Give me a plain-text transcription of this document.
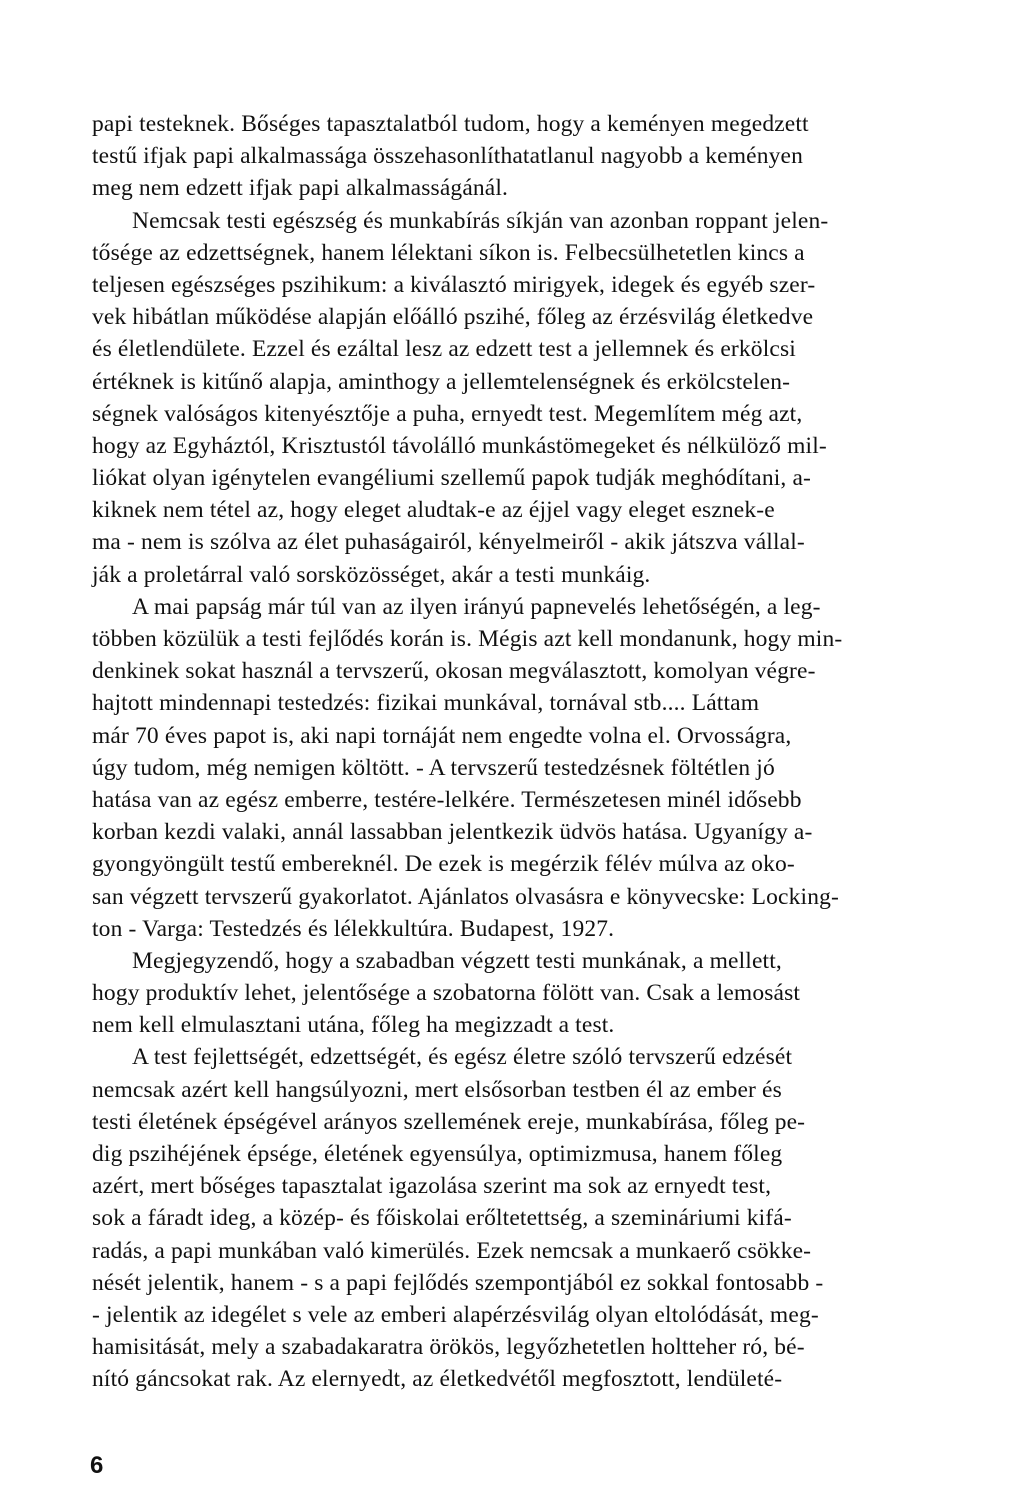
papi testeknek. Bőséges tapasztalatból tudom, hogy a keményen megedzett
testű ifjak papi alkalmassága összehasonlíthatatlanul nagyobb a keményen
meg nem edzett ifjak papi alkalmasságánál.
Nemcsak testi egészség és munkabírás síkján van azonban roppant jelen-
tősége az edzettségnek, hanem lélektani síkon is. Felbecsülhetetlen kincs a
teljesen egészséges pszihikum: a kiválasztó mirigyek, idegek és egyéb szer-
vek hibátlan működése alapján előálló pszihé, főleg az érzésvilág életkedve
és életlendülete. Ezzel és ezáltal lesz az edzett test a jellemnek és erkölcsi
értéknek is kitűnő alapja, aminthogy a jellemtelenségnek és erkölcstelen-
ségnek valóságos kitenyésztője a puha, ernyedt test. Megemlítem még azt,
hogy az Egyháztól, Krisztustól távolálló munkástömegeket és nélkülöző mil-
liókat olyan igénytelen evangéliumi szellemű papok tudják meghódítani, a-
kiknek nem tétel az, hogy eleget aludtak-e az éjjel vagy eleget esznek-e
ma - nem is szólva az élet puhaságairól, kényelmeiről - akik játszva vállal-
ják a proletárral való sorsközösséget, akár a testi munkáig.
A mai papság már túl van az ilyen irányú papnevelés lehetőségén, a leg-
többen közülük a testi fejlődés korán is. Mégis azt kell mondanunk, hogy min-
denkinek sokat használ a tervszerű, okosan megválasztott, komolyan végre-
hajtott mindennapi testedzés: fizikai munkával, tornával stb.... Láttam
már 70 éves papot is, aki napi tornáját nem engedte volna el. Orvosságra,
úgy tudom, még nemigen költött. - A tervszerű testedzésnek föltétlen jó
hatása van az egész emberre, testére-lelkére. Természetesen minél idősebb
korban kezdi valaki, annál lassabban jelentkezik üdvös hatása. Ugyanígy a-
gyongyöngült testű embereknél. De ezek is megérzik félév múlva az oko-
san végzett tervszerű gyakorlatot. Ajánlatos olvasásra e könyvecske: Locking-
ton - Varga: Testedzés és lélekkultúra. Budapest, 1927.
Megjegyzendő, hogy a szabadban végzett testi munkának, a mellett,
hogy produktív lehet, jelentősége a szobatorna fölött van. Csak a lemosást
nem kell elmulasztani utána, főleg ha megizzadt a test.
A test fejlettségét, edzettségét, és egész életre szóló tervszerű edzését
nemcsak azért kell hangsúlyozni, mert elsősorban testben él az ember és
testi életének épségével arányos szellemének ereje, munkabírása, főleg pe-
dig pszihéjének épsége, életének egyensúlya, optimizmusa, hanem főleg
azért, mert bőséges tapasztalat igazolása szerint ma sok az ernyedt test,
sok a fáradt ideg, a közép- és főiskolai erőltetettség, a szemináriumi kifá-
radás, a papi munkában való kimerülés. Ezek nemcsak a munkaerő csökke-
nését jelentik, hanem - s a papi fejlődés szempontjából ez sokkal fontosabb -
- jelentik az idegélet s vele az emberi alapérzésvilág olyan eltolódását, meg-
hamisitását, mely a szabadakaratra örökös, legyőzhetetlen holtteher ró, bé-
nító gáncsokat rak. Az elernyedt, az életkedvétől megfosztott, lendületé-
6
